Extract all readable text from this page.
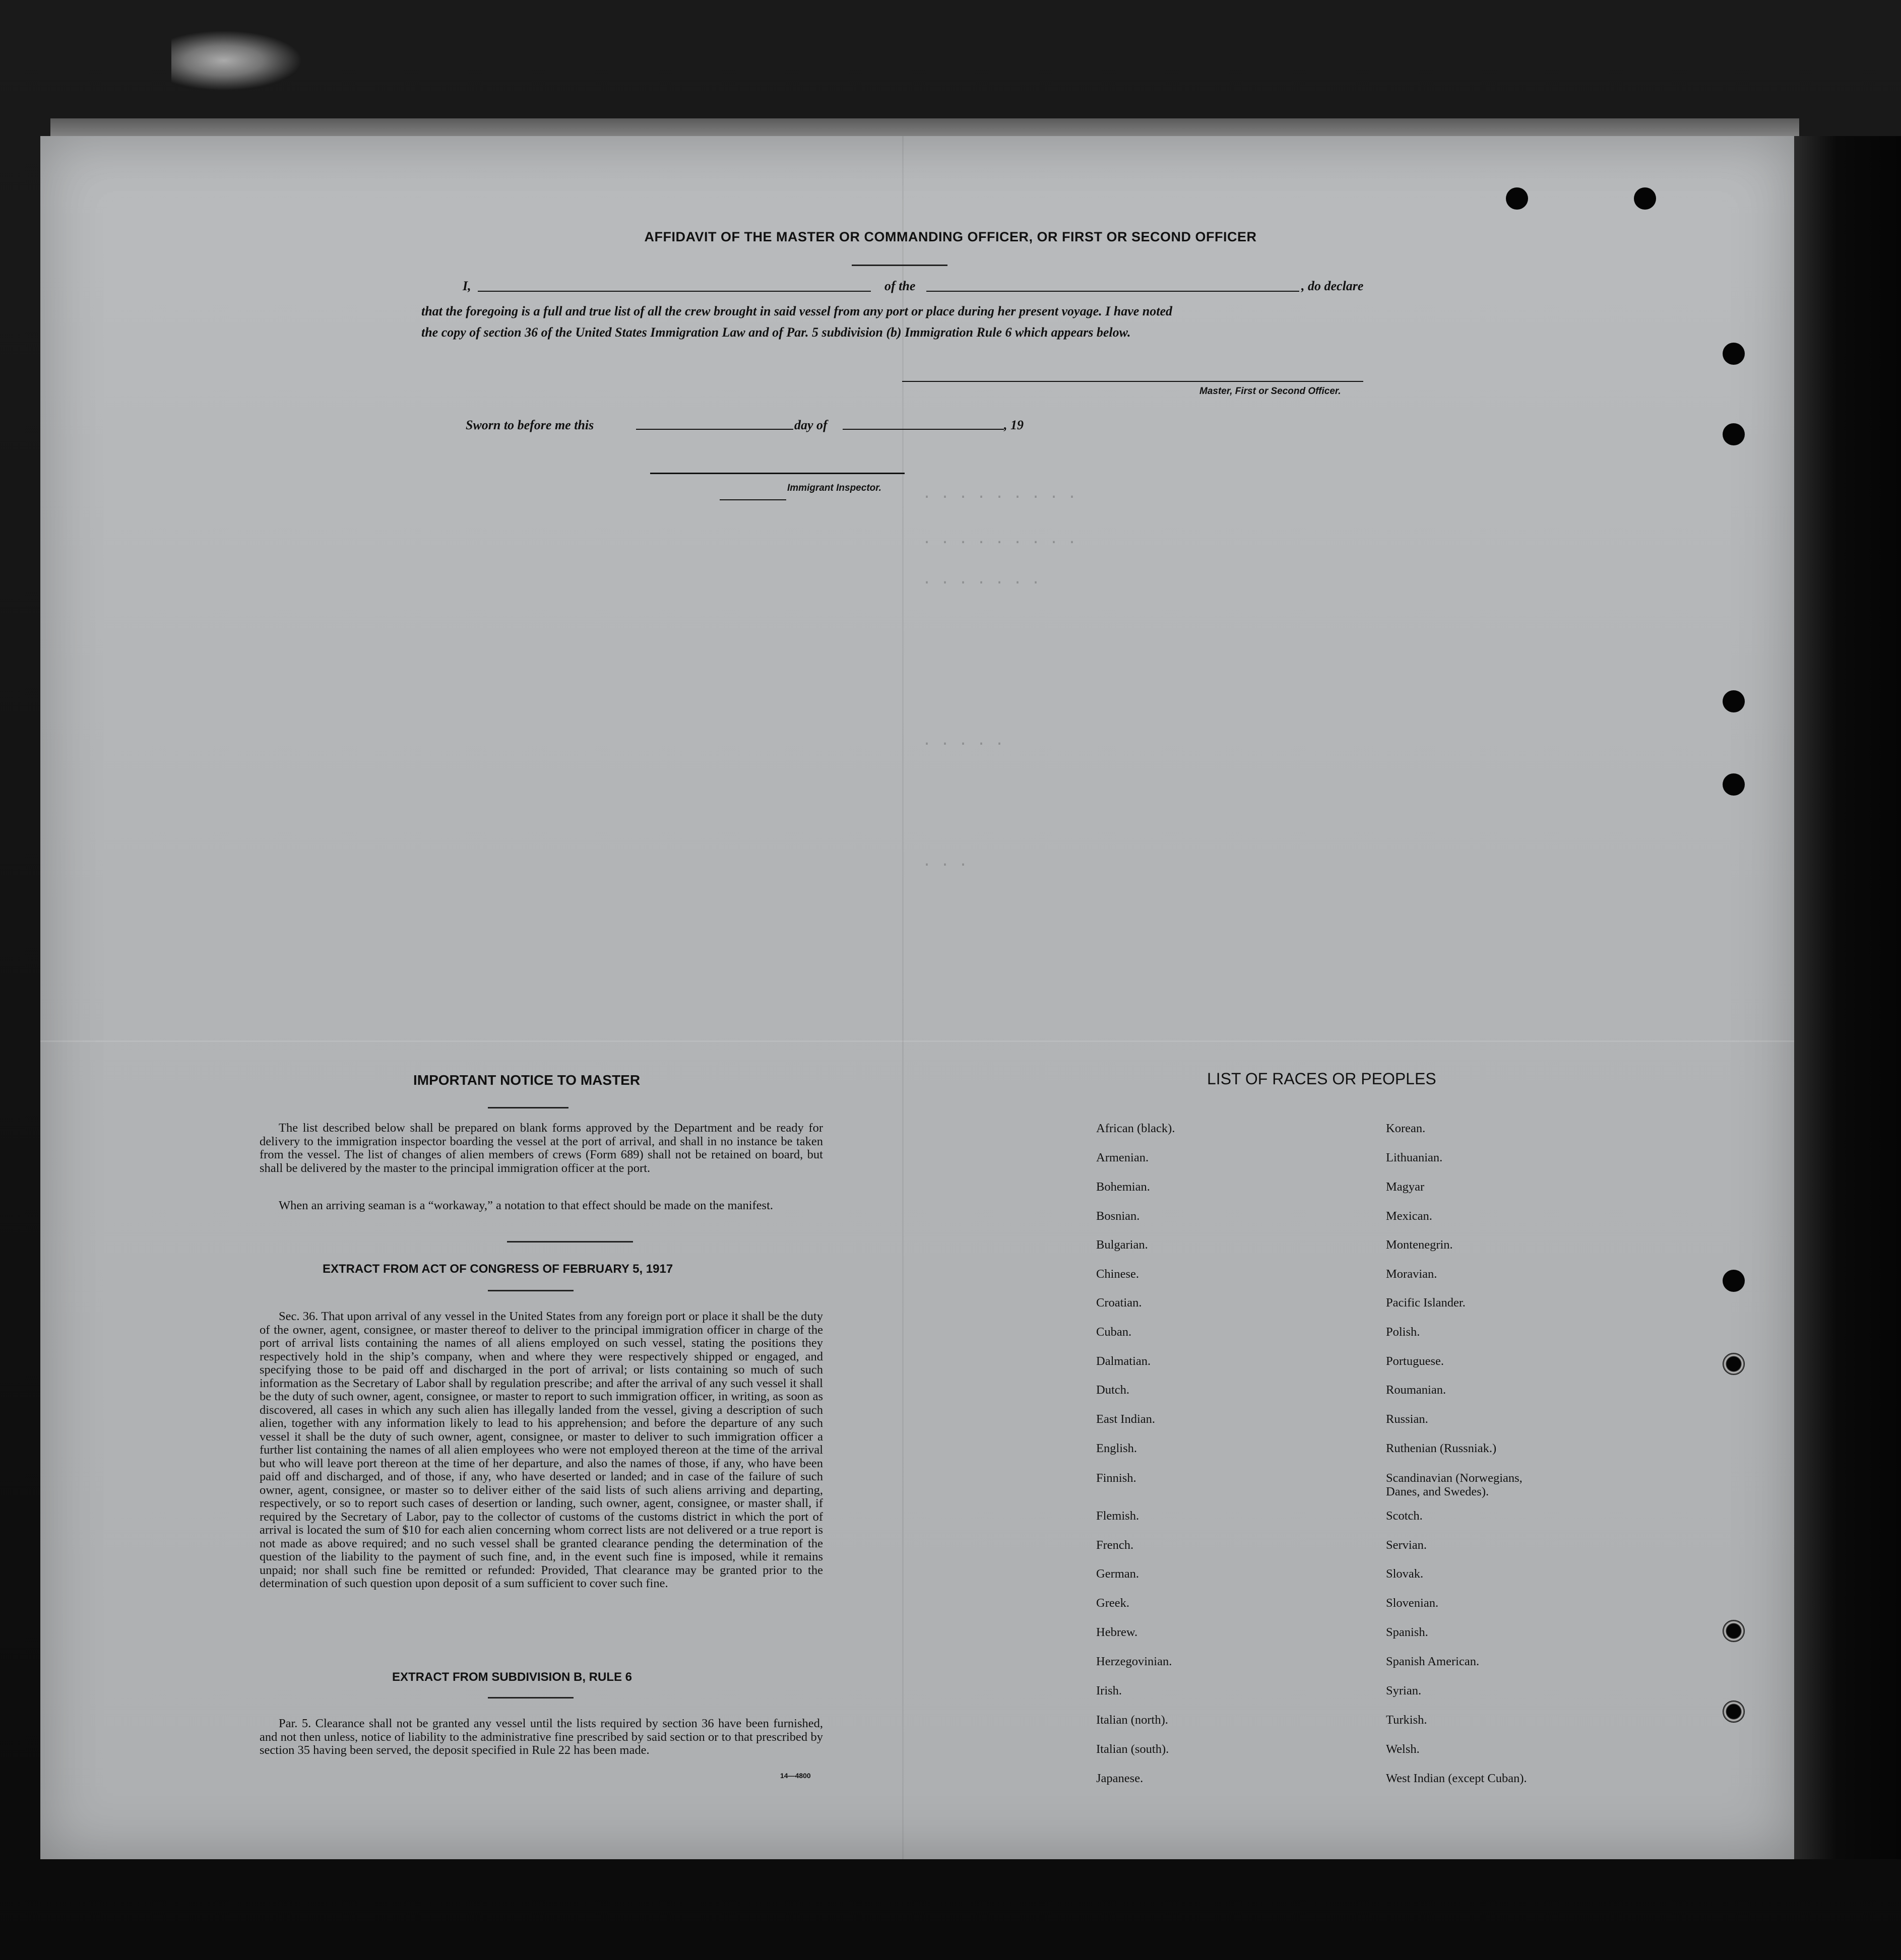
· · · · · · · · ·
· · · · · · · · ·
· · · · · · ·
· · · · ·
· · ·
AFFIDAVIT OF THE MASTER OR COMMANDING OFFICER, OR FIRST OR SECOND OFFICER
I,	of the	, do declare
that the foregoing is a full and true list of all the crew brought in said vessel from any port or place during her present voyage. I have noted
the copy of section 36 of the United States Immigration Law and of Par. 5 subdivision (b) Immigration Rule 6 which appears below.
Master, First or Second Officer.
Sworn to before me this	day of	, 19
Immigrant Inspector.
IMPORTANT NOTICE TO MASTER
The list described below shall be prepared on blank forms approved by the Department and be ready for delivery to the immigration inspector boarding the vessel at the port of arrival, and shall in no instance be taken from the vessel. The list of changes of alien members of crews (Form 689) shall not be retained on board, but shall be delivered by the master to the principal immigration officer at the port.
When an arriving seaman is a “workaway,” a notation to that effect should be made on the manifest.
EXTRACT FROM ACT OF CONGRESS OF FEBRUARY 5, 1917
Sec. 36. That upon arrival of any vessel in the United States from any foreign port or place it shall be the duty of the owner, agent, consignee, or master thereof to deliver to the principal immigration officer in charge of the port of arrival lists containing the names of all aliens employed on such vessel, stating the positions they respectively hold in the ship’s company, when and where they were respectively shipped or engaged, and specifying those to be paid off and discharged in the port of arrival; or lists containing so much of such information as the Secretary of Labor shall by regulation prescribe; and after the arrival of any such vessel it shall be the duty of such owner, agent, consignee, or master to report to such immigration officer, in writing, as soon as discovered, all cases in which any such alien has illegally landed from the vessel, giving a description of such alien, together with any information likely to lead to his apprehension; and before the departure of any such vessel it shall be the duty of such owner, agent, consignee, or master to deliver to such immigration officer a further list containing the names of all alien employees who were not employed thereon at the time of the arrival but who will leave port thereon at the time of her departure, and also the names of those, if any, who have been paid off and discharged, and of those, if any, who have deserted or landed; and in case of the failure of such owner, agent, consignee, or master so to deliver either of the said lists of such aliens arriving and departing, respectively, or so to report such cases of desertion or landing, such owner, agent, consignee, or master shall, if required by the Secretary of Labor, pay to the collector of customs of the customs district in which the port of arrival is located the sum of $10 for each alien concerning whom correct lists are not delivered or a true report is not made as above required; and no such vessel shall be granted clearance pending the determination of the question of the liability to the payment of such fine, and, in the event such fine is imposed, while it remains unpaid; nor shall such fine be remitted or refunded: Provided, That clearance may be granted prior to the determination of such question upon deposit of a sum sufficient to cover such fine.
EXTRACT FROM SUBDIVISION B, RULE 6
Par. 5. Clearance shall not be granted any vessel until the lists required by section 36 have been furnished, and not then unless, notice of liability to the administrative fine prescribed by said section or to that prescribed by section 35 having been served, the deposit specified in Rule 22 has been made.
14—4800
LIST OF RACES OR PEOPLES
African (black).
Armenian.
Bohemian.
Bosnian.
Bulgarian.
Chinese.
Croatian.
Cuban.
Dalmatian.
Dutch.
East Indian.
English.
Finnish.
Flemish.
French.
German.
Greek.
Hebrew.
Herzegovinian.
Irish.
Italian (north).
Italian (south).
Japanese.
Korean.
Lithuanian.
Magyar
Mexican.
Montenegrin.
Moravian.
Pacific Islander.
Polish.
Portuguese.
Roumanian.
Russian.
Ruthenian (Russniak.)
Scandinavian (Norwegians, Danes, and Swedes).
Scotch.
Servian.
Slovak.
Slovenian.
Spanish.
Spanish American.
Syrian.
Turkish.
Welsh.
West Indian (except Cuban).
